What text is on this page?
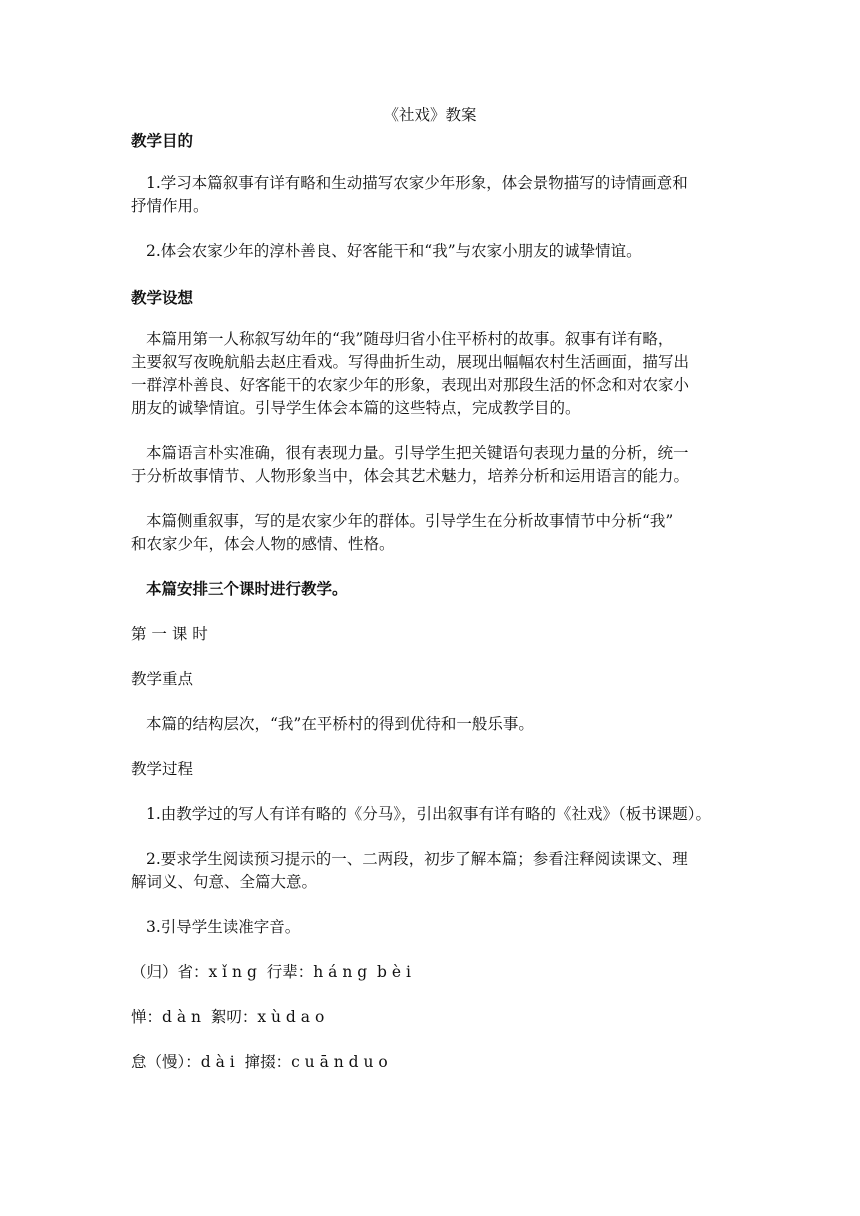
《社戏》教案
教学目的
1.学习本篇叙事有详有略和生动描写农家少年形象，体会景物描写的诗情画意和
抒情作用。
2.体会农家少年的淳朴善良、好客能干和“我”与农家小朋友的诚挚情谊。
教学设想
本篇用第一人称叙写幼年的“我”随母归省小住平桥村的故事。叙事有详有略，
主要叙写夜晚航船去赵庄看戏。写得曲折生动，展现出幅幅农村生活画面，描写出
一群淳朴善良、好客能干的农家少年的形象，表现出对那段生活的怀念和对农家小
朋友的诚挚情谊。引导学生体会本篇的这些特点，完成教学目的。
本篇语言朴实准确，很有表现力量。引导学生把关键语句表现力量的分析，统一
于分析故事情节、人物形象当中，体会其艺术魅力，培养分析和运用语言的能力。
本篇侧重叙事，写的是农家少年的群体。引导学生在分析故事情节中分析“我”
和农家少年，体会人物的感情、性格。
本篇安排三个课时进行教学。
第 一 课 时
教学重点
本篇的结构层次，“我”在平桥村的得到优待和一般乐事。
教学过程
1.由教学过的写人有详有略的《分马》，引出叙事有详有略的《社戏》（板书课题）。
2.要求学生阅读预习提示的一、二两段，初步了解本篇；参看注释阅读课文、理
解词义、句意、全篇大意。
3.引导学生读准字音。
（归）省：x ǐ n g  行辈：h á n g  b è i
惮：d à n  絮叨：x ù d a o
怠（慢）：d à i  撺掇：c u ā n d u o
